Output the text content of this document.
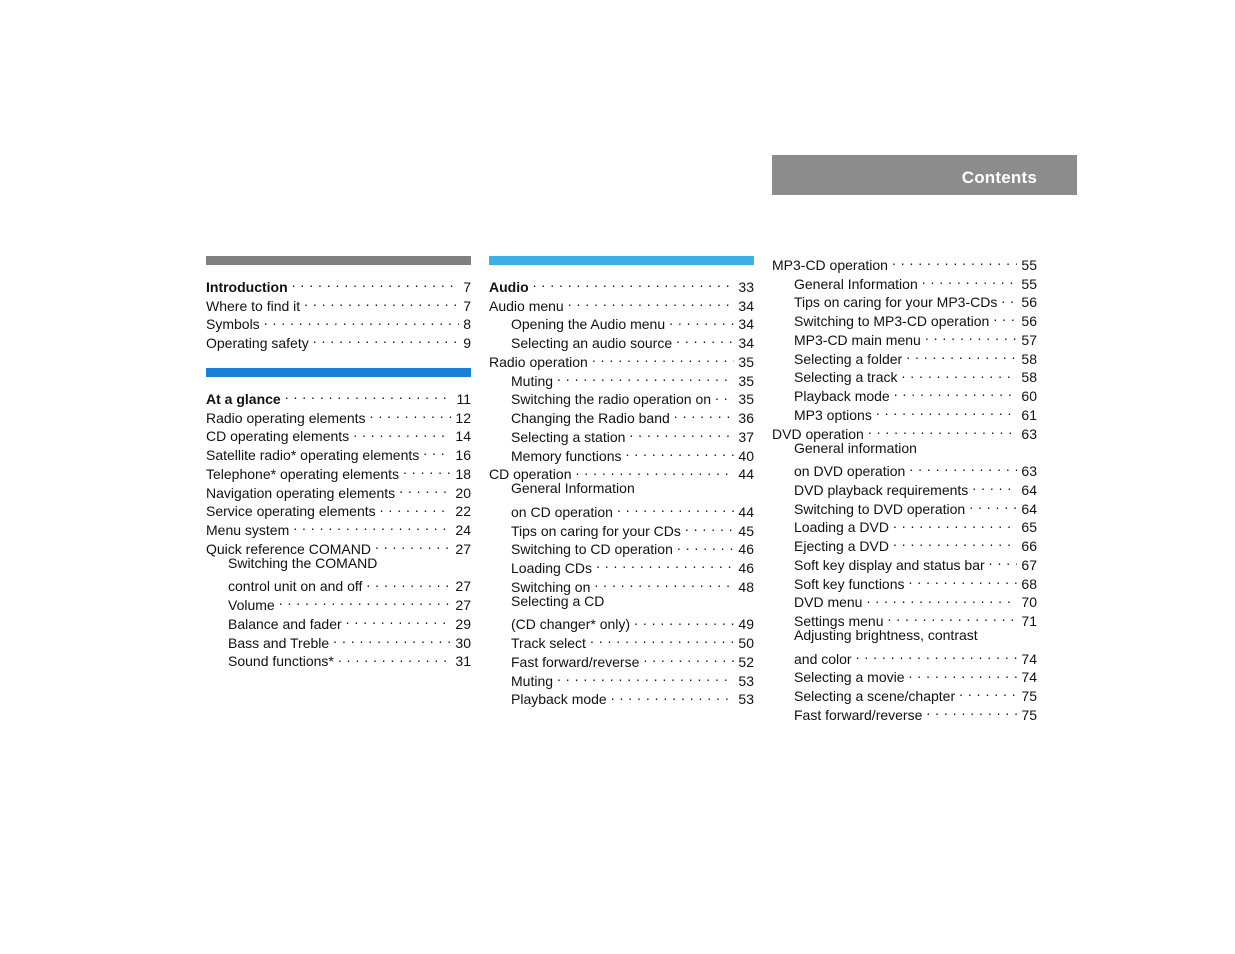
Contents
Introduction . . .	7
Where to find it . . .	7
Symbols . . .	8
Operating safety . . .	9
At a glance . . .	11
Radio operating elements . . .	12
CD operating elements . . .	14
Satellite radio* operating elements . . .	16
Telephone* operating elements . . .	18
Navigation operating elements . . .	20
Service operating elements . . .	22
Menu system . . .	24
Quick reference COMAND . . .	27
Switching the COMAND
control unit on and off . . .	27
Volume . . .	27
Balance and fader . . .	29
Bass and Treble . . .	30
Sound functions* . . .	31
Audio . . .	33
Audio menu . . .	34
Opening the Audio menu . . .	34
Selecting an audio source . . .	34
Radio operation . . .	35
Muting . . .	35
Switching the radio operation on . . . 35
Changing the Radio band . . .	36
Selecting a station . . .	37
Memory functions . . .	40
CD operation . . .	44
General Information
on CD operation . . .	44
Tips on caring for your CDs . . .	45
Switching to CD operation . . .	46
Loading CDs . . .	46
Switching on . . .	48
Selecting a CD
(CD changer* only) . . .	49
Track select . . .	50
Fast forward/reverse . . .	52
Muting . . .	53
Playback mode . . .	53
MP3-CD operation . . .	55
General Information . . .	55
Tips on caring for your MP3-CDs . . . 56
Switching to MP3-CD operation . . . 56
MP3-CD main menu . . .	57
Selecting a folder . . .	58
Selecting a track . . .	58
Playback mode . . .	60
MP3 options . . .	61
DVD operation . . .	63
General information
on DVD operation . . .	63
DVD playback requirements . . .	64
Switching to DVD operation . . .	64
Loading a DVD . . .	65
Ejecting a DVD . . .	66
Soft key display and status bar . . .	67
Soft key functions . . .	68
DVD menu . . .	70
Settings menu . . .	71
Adjusting brightness, contrast
and color . . .	74
Selecting a movie . . .	74
Selecting a scene/chapter . . .	75
Fast forward/reverse . . .	75
